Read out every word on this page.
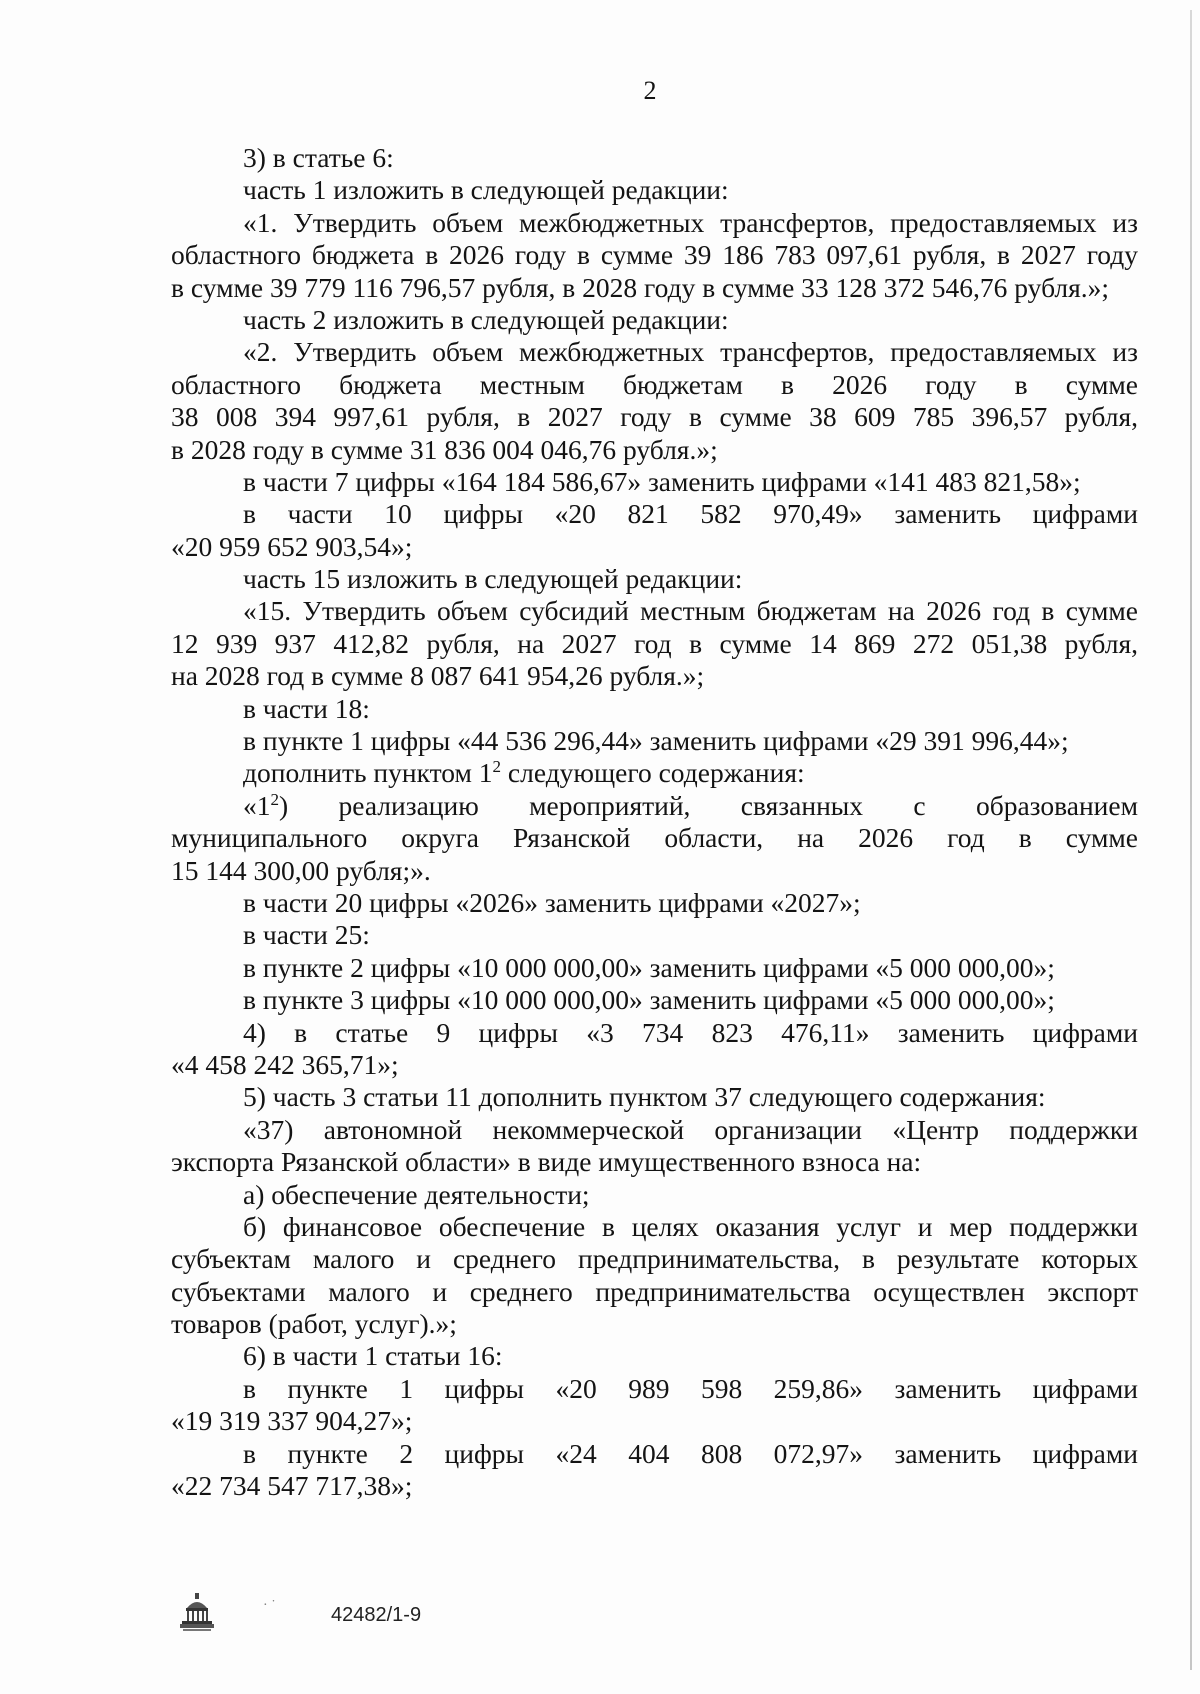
2
3) в статье 6:
часть 1 изложить в следующей редакции:
«1. Утвердить объем межбюджетных трансфертов, предоставляемых из
областного бюджета в 2026 году в сумме 39 186 783 097,61 рубля, в 2027 году
в сумме 39 779 116 796,57 рубля, в 2028 году в сумме 33 128 372 546,76 рубля.»;
часть 2 изложить в следующей редакции:
«2. Утвердить объем межбюджетных трансфертов, предоставляемых из
областного бюджета местным бюджетам в 2026 году в сумме
38 008 394 997,61 рубля, в 2027 году в сумме 38 609 785 396,57 рубля,
в 2028 году в сумме 31 836 004 046,76 рубля.»;
в части 7 цифры «164 184 586,67» заменить цифрами «141 483 821,58»;
в части 10 цифры «20 821 582 970,49» заменить цифрами
«20 959 652 903,54»;
часть 15 изложить в следующей редакции:
«15. Утвердить объем субсидий местным бюджетам на 2026 год в сумме
12 939 937 412,82 рубля, на 2027 год в сумме 14 869 272 051,38 рубля,
на 2028 год в сумме 8 087 641 954,26 рубля.»;
в части 18:
в пункте 1 цифры «44 536 296,44» заменить цифрами «29 391 996,44»;
дополнить пунктом $1^2$ следующего содержания:
«$1^2$) реализацию мероприятий, связанных с образованием
муниципального округа Рязанской области, на 2026 год в сумме
15 144 300,00 рубля;».
в части 20 цифры «2026» заменить цифрами «2027»;
в части 25:
в пункте 2 цифры «10 000 000,00» заменить цифрами «5 000 000,00»;
в пункте 3 цифры «10 000 000,00» заменить цифрами «5 000 000,00»;
4) в статье 9 цифры «3 734 823 476,11» заменить цифрами
«4 458 242 365,71»;
5) часть 3 статьи 11 дополнить пунктом 37 следующего содержания:
«37) автономной некоммерческой организации «Центр поддержки
экспорта Рязанской области» в виде имущественного взноса на:
а) обеспечение деятельности;
б) финансовое обеспечение в целях оказания услуг и мер поддержки
субъектам малого и среднего предпринимательства, в результате которых
субъектами малого и среднего предпринимательства осуществлен экспорт
товаров (работ, услуг).»;
6) в части 1 статьи 16:
в пункте 1 цифры «20 989 598 259,86» заменить цифрами
«19 319 337 904,27»;
в пункте 2 цифры «24 404 808 072,97» заменить цифрами
«22 734 547 717,38»;
· ˙	42482/1-9
